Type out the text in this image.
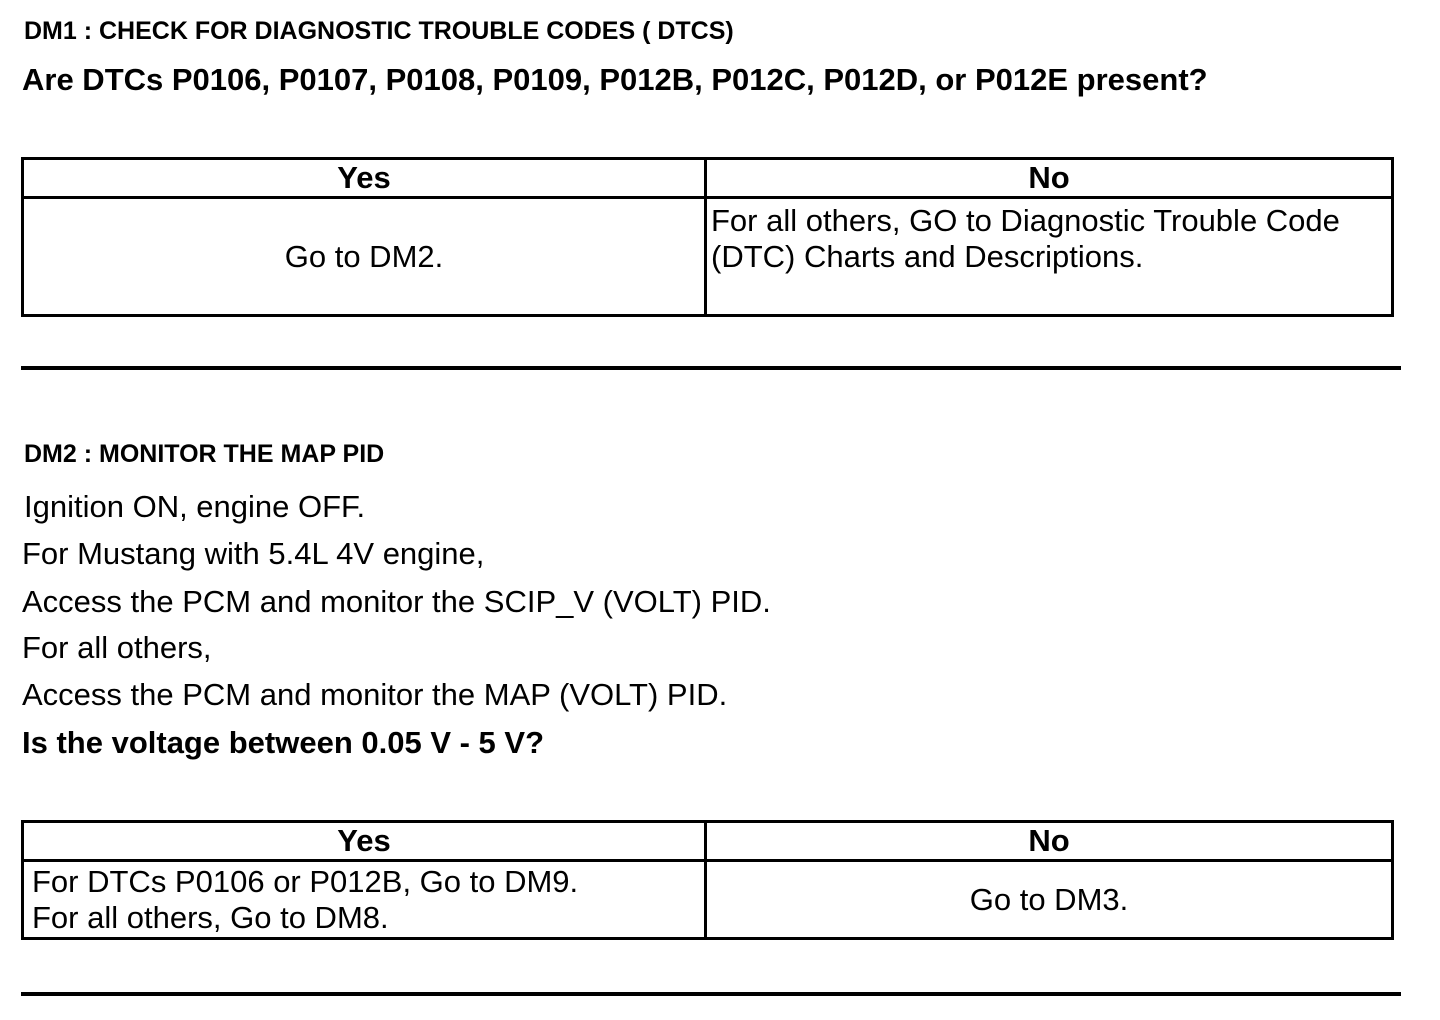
DM1 : CHECK FOR DIAGNOSTIC TROUBLE CODES ( DTCS)
Are DTCs P0106, P0107, P0108, P0109, P012B, P012C, P012D, or P012E present?
Yes	No
Go to DM2.	For all others, GO to Diagnostic Trouble Code
(DTC) Charts and Descriptions.
DM2 : MONITOR THE MAP PID
Ignition ON, engine OFF.
For Mustang with 5.4L 4V engine,
Access the PCM and monitor the SCIP_V (VOLT) PID.
For all others,
Access the PCM and monitor the MAP (VOLT) PID.
Is the voltage between 0.05 V - 5 V?
Yes	No

For DTCs P0106 or P012B, Go to DM9.
For all others, Go to DM8.	Go to DM3.
